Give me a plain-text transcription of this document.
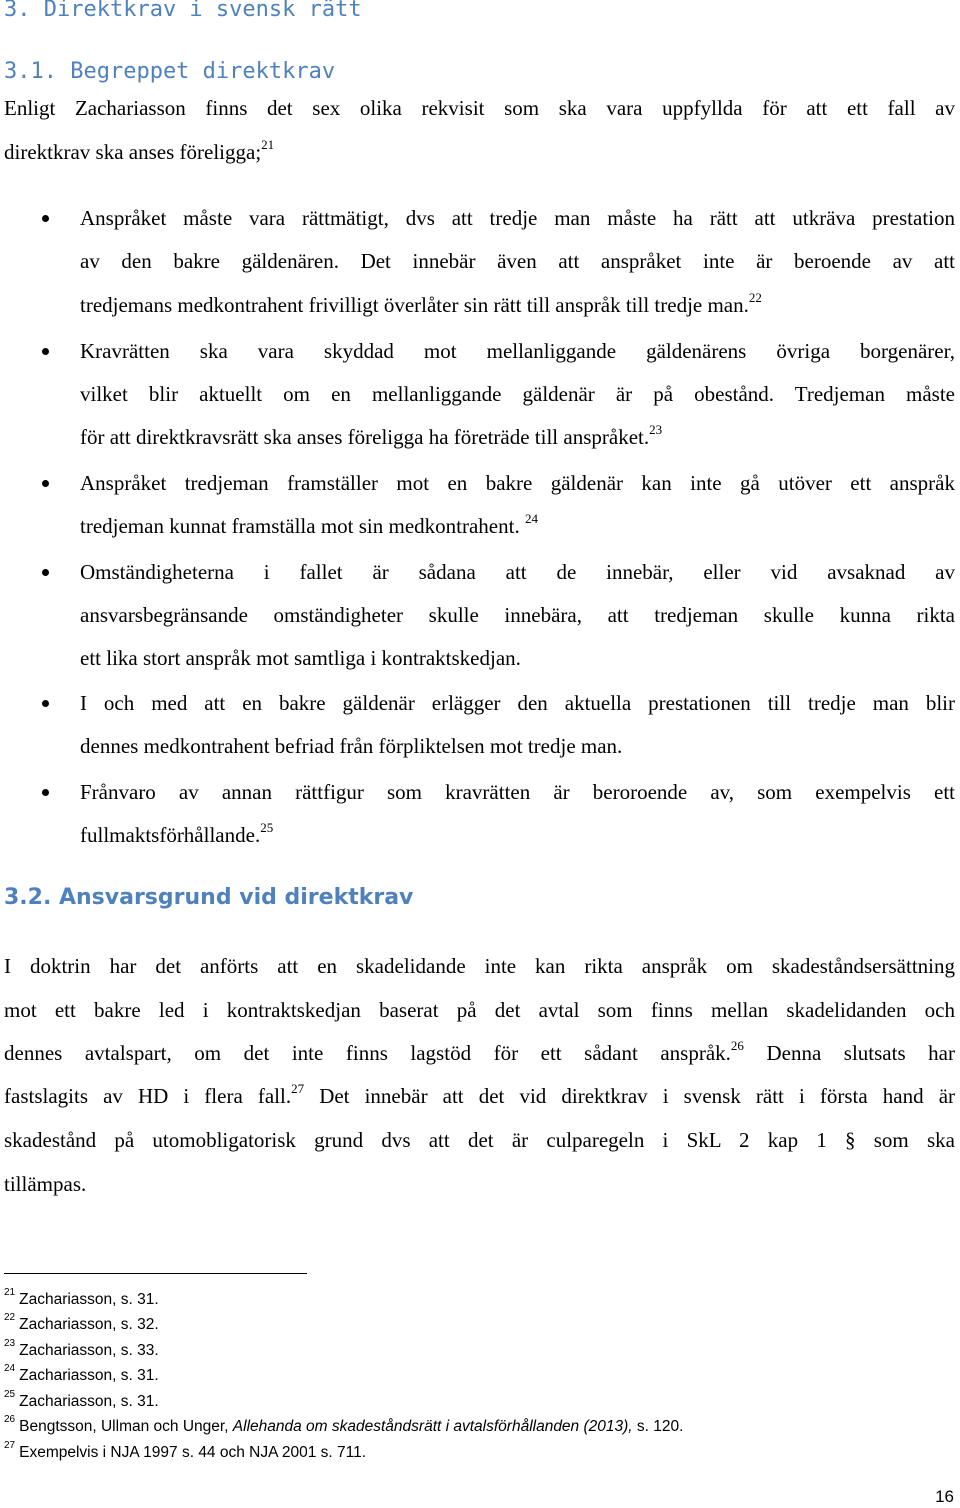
3. Direktkrav i svensk rätt
3.1. Begreppet direktkrav
Enligt Zachariasson finns det sex olika rekvisit som ska vara uppfyllda för att ett fall av
direktkrav ska anses föreligga;$^{21}$
Anspråket måste vara rättmätigt, dvs att tredje man måste ha rätt att utkräva prestation
av den bakre gäldenären. Det innebär även att anspråket inte är beroende av att
tredjemans medkontrahent frivilligt överlåter sin rätt till anspråk till tredje man.$^{22}$
Kravrätten ska vara skyddad mot mellanliggande gäldenärens övriga borgenärer,
vilket blir aktuellt om en mellanliggande gäldenär är på obestånd. Tredjeman måste
för att direktkravsrätt ska anses föreligga ha företräde till anspråket.$^{23}$
Anspråket tredjeman framställer mot en bakre gäldenär kan inte gå utöver ett anspråk
tredjeman kunnat framställa mot sin medkontrahent. $^{24}$
Omständigheterna i fallet är sådana att de innebär, eller vid avsaknad av
ansvarsbegränsande omständigheter skulle innebära, att tredjeman skulle kunna rikta
ett lika stort anspråk mot samtliga i kontraktskedjan.
I och med att en bakre gäldenär erlägger den aktuella prestationen till tredje man blir
dennes medkontrahent befriad från förpliktelsen mot tredje man.
Frånvaro av annan rättfigur som kravrätten är beroroende av, som exempelvis ett
fullmaktsförhållande.$^{25}$
3.2. Ansvarsgrund vid direktkrav
I doktrin har det anförts att en skadelidande inte kan rikta anspråk om skadeståndsersättning
mot ett bakre led i kontraktskedjan baserat på det avtal som finns mellan skadelidanden och
dennes avtalspart, om det inte finns lagstöd för ett sådant anspråk.$^{26}$ Denna slutsats har
fastslagits av HD i flera fall.$^{27}$ Det innebär att det vid direktkrav i svensk rätt i första hand är
skadestånd på utomobligatorisk grund dvs att det är culparegeln i SkL 2 kap 1 § som ska
tillämpas.
$^{21}$ Zachariasson, s. 31.
$^{22}$ Zachariasson, s. 32.
$^{23}$ Zachariasson, s. 33.
$^{24}$ Zachariasson, s. 31.
$^{25}$ Zachariasson, s. 31.
$^{26}$ Bengtsson, Ullman och Unger, Allehanda om skadeståndsrätt i avtalsförhållanden (2013), s. 120.
$^{27}$ Exempelvis i NJA 1997 s. 44 och NJA 2001 s. 711.
16
